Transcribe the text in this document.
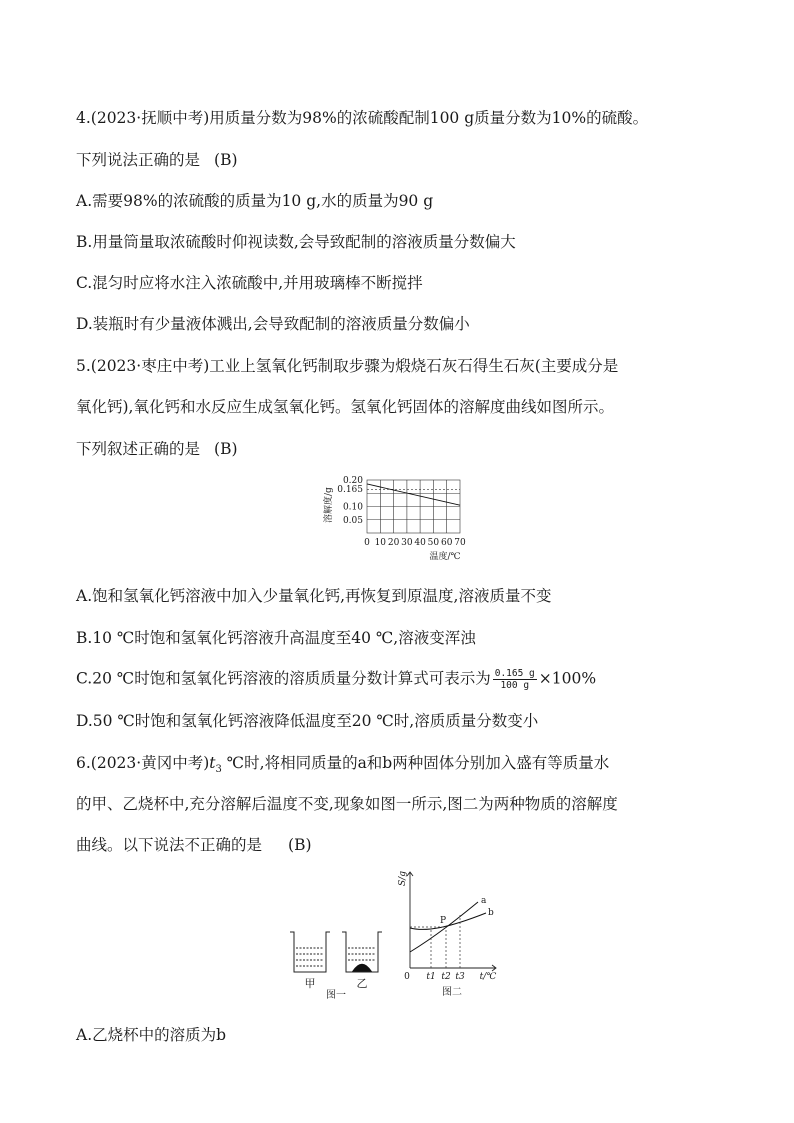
4.(2023·抚顺中考)用质量分数为98%的浓硫酸配制100 g质量分数为10%的硫酸。
下列说法正确的是 (B)
A.需要98%的浓硫酸的质量为10 g,水的质量为90 g
B.用量筒量取浓硫酸时仰视读数,会导致配制的溶液质量分数偏大
C.混匀时应将水注入浓硫酸中,并用玻璃棒不断搅拌
D.装瓶时有少量液体溅出,会导致配制的溶液质量分数偏小
5.(2023·枣庄中考)工业上氢氧化钙制取步骤为煅烧石灰石得生石灰(主要成分是
氧化钙),氧化钙和水反应生成氢氧化钙。氢氧化钙固体的溶解度曲线如图所示。
下列叙述正确的是 (B)
0.20
0.165
0.10
0.05
溶解度/g
0 10 20 30 40 50 60 70
温度/℃
A.饱和氢氧化钙溶液中加入少量氧化钙,再恢复到原温度,溶液质量不变
B.10 ℃时饱和氢氧化钙溶液升高温度至40 ℃,溶液变浑浊
C.20 ℃时饱和氢氧化钙溶液的溶质质量分数计算式可表示为 $\frac{0.165 g}{100 g} \times 100\%$
D.50 ℃时饱和氢氧化钙溶液降低温度至20 ℃时,溶质质量分数变小
6.(2023·黄冈中考)$t_3$ ℃时,将相同质量的a和b两种固体分别加入盛有等质量水
的甲、乙烧杯中,充分溶解后温度不变,现象如图一所示,图二为两种物质的溶解度
曲线。以下说法不正确的是 (B)
甲	乙
图一
S/g
a
b
P
0 t1 t2 t3 t/℃
图二
A.乙烧杯中的溶质为b
